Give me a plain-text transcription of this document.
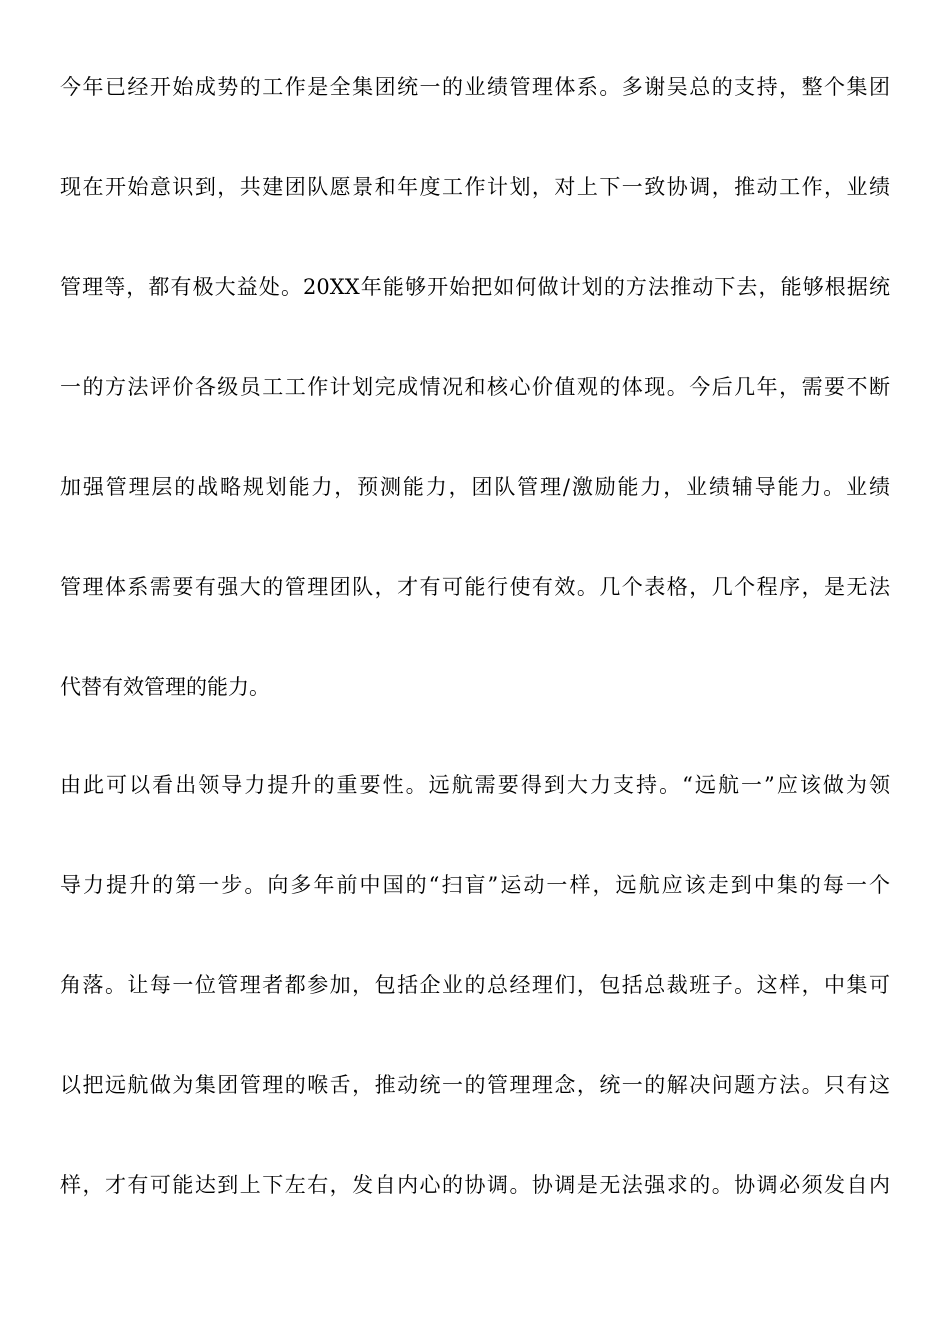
今年已经开始成势的工作是全集团统一的业绩管理体系。多谢吴总的支持，整个集团
现在开始意识到，共建团队愿景和年度工作计划，对上下一致协调，推动工作，业绩
管理等，都有极大益处。20XX年能够开始把如何做计划的方法推动下去，能够根据统
一的方法评价各级员工工作计划完成情况和核心价值观的体现。今后几年，需要不断
加强管理层的战略规划能力，预测能力，团队管理/激励能力，业绩辅导能力。业绩
管理体系需要有强大的管理团队，才有可能行使有效。几个表格，几个程序，是无法
代替有效管理的能力。
由此可以看出领导力提升的重要性。远航需要得到大力支持。“远航一”应该做为领
导力提升的第一步。向多年前中国的“扫盲”运动一样，远航应该走到中集的每一个
角落。让每一位管理者都参加，包括企业的总经理们，包括总裁班子。这样，中集可
以把远航做为集团管理的喉舌，推动统一的管理理念，统一的解决问题方法。只有这
样，才有可能达到上下左右，发自内心的协调。协调是无法强求的。协调必须发自内
